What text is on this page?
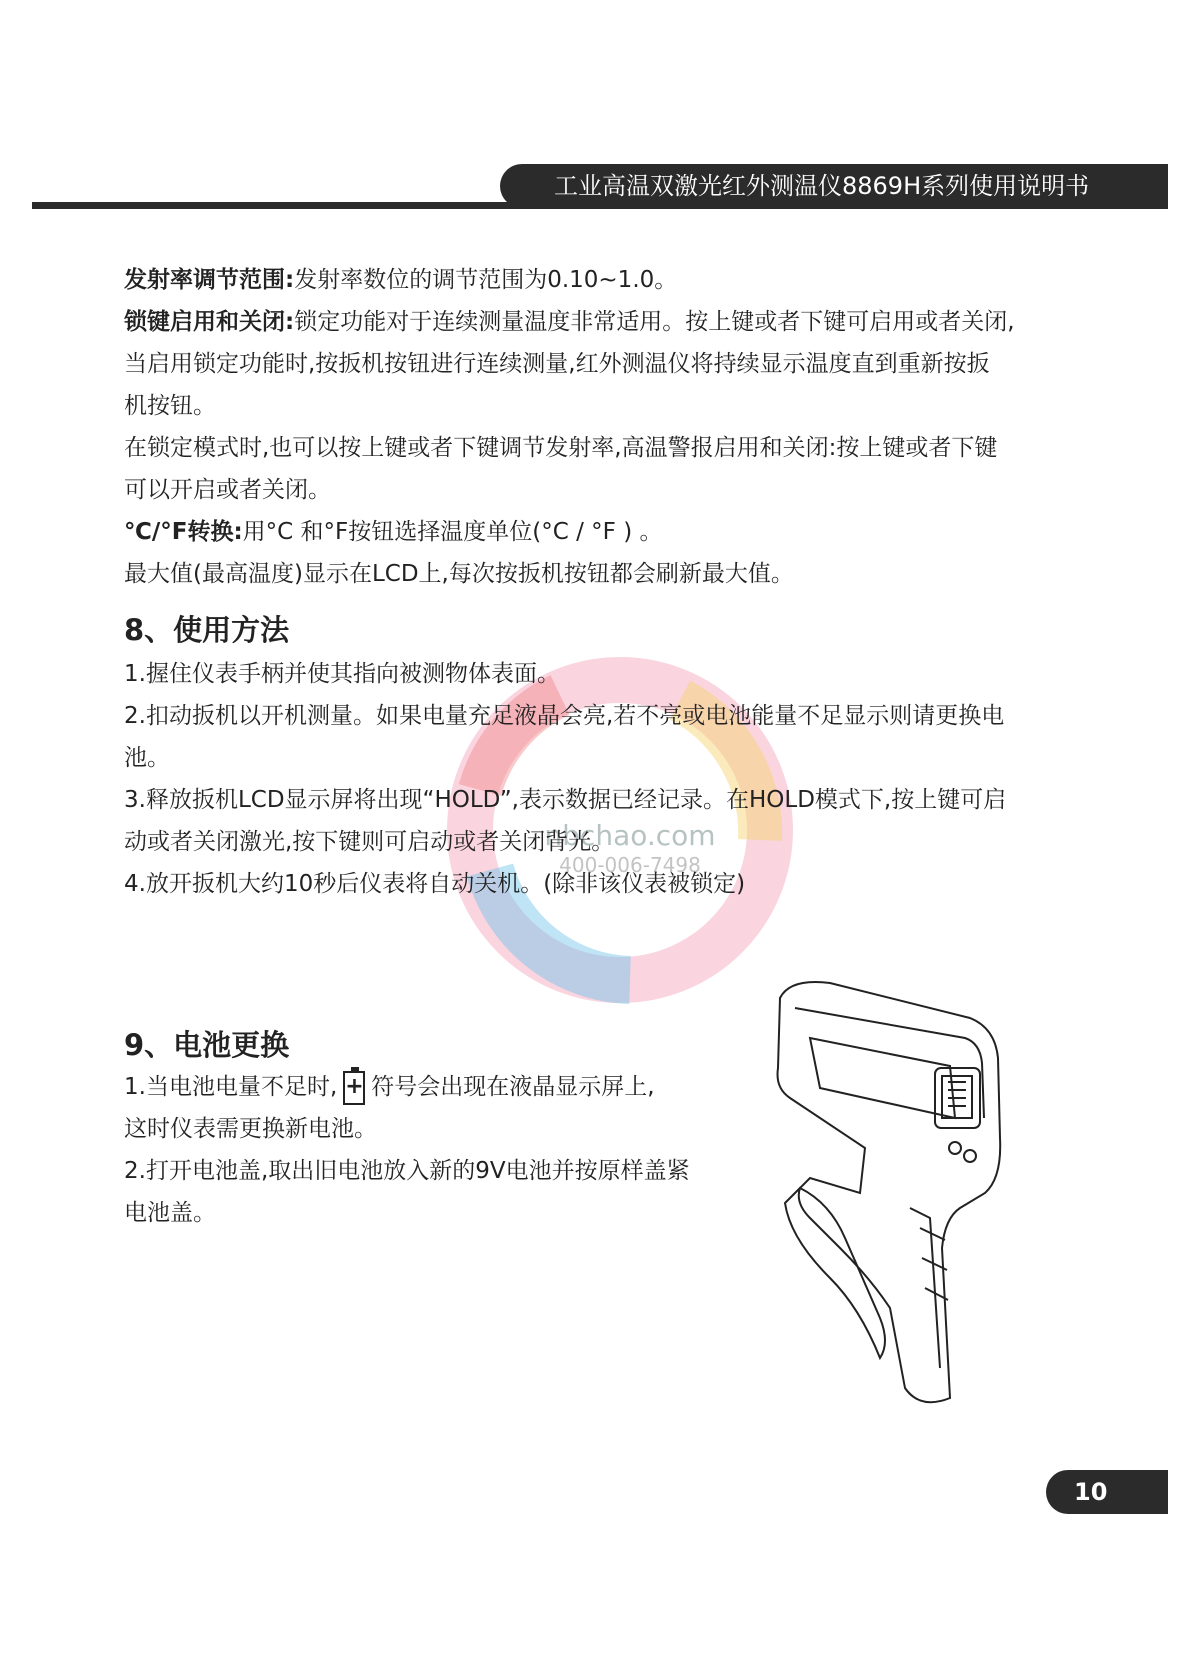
工业高温双激光红外测温仪8869H系列使用说明书
发射率调节范围:发射率数位的调节范围为0.10~1.0。
锁键启用和关闭:锁定功能对于连续测量温度非常适用。按上键或者下键可启用或者关闭,
当启用锁定功能时,按扳机按钮进行连续测量,红外测温仪将持续显示温度直到重新按扳
机按钮。
在锁定模式时,也可以按上键或者下键调节发射率,高温警报启用和关闭:按上键或者下键
可以开启或者关闭。
℃/°F转换:用°C 和°F按钮选择温度单位(°C / °F ) 。
最大值(最高温度)显示在LCD上,每次按扳机按钮都会刷新最大值。
nbchao.com
400-006-7498
8、使用方法
1.握住仪表手柄并使其指向被测物体表面。
2.扣动扳机以开机测量。如果电量充足液晶会亮,若不亮或电池能量不足显示则请更换电
池。
3.释放扳机LCD显示屏将出现“HOLD”,表示数据已经记录。在HOLD模式下,按上键可启
动或者关闭激光,按下键则可启动或者关闭背光。
4.放开扳机大约10秒后仪表将自动关机。(除非该仪表被锁定)
9、电池更换
1.当电池电量不足时, + 符号会出现在液晶显示屏上,
这时仪表需更换新电池。
2.打开电池盖,取出旧电池放入新的9V电池并按原样盖紧
电池盖。
10
